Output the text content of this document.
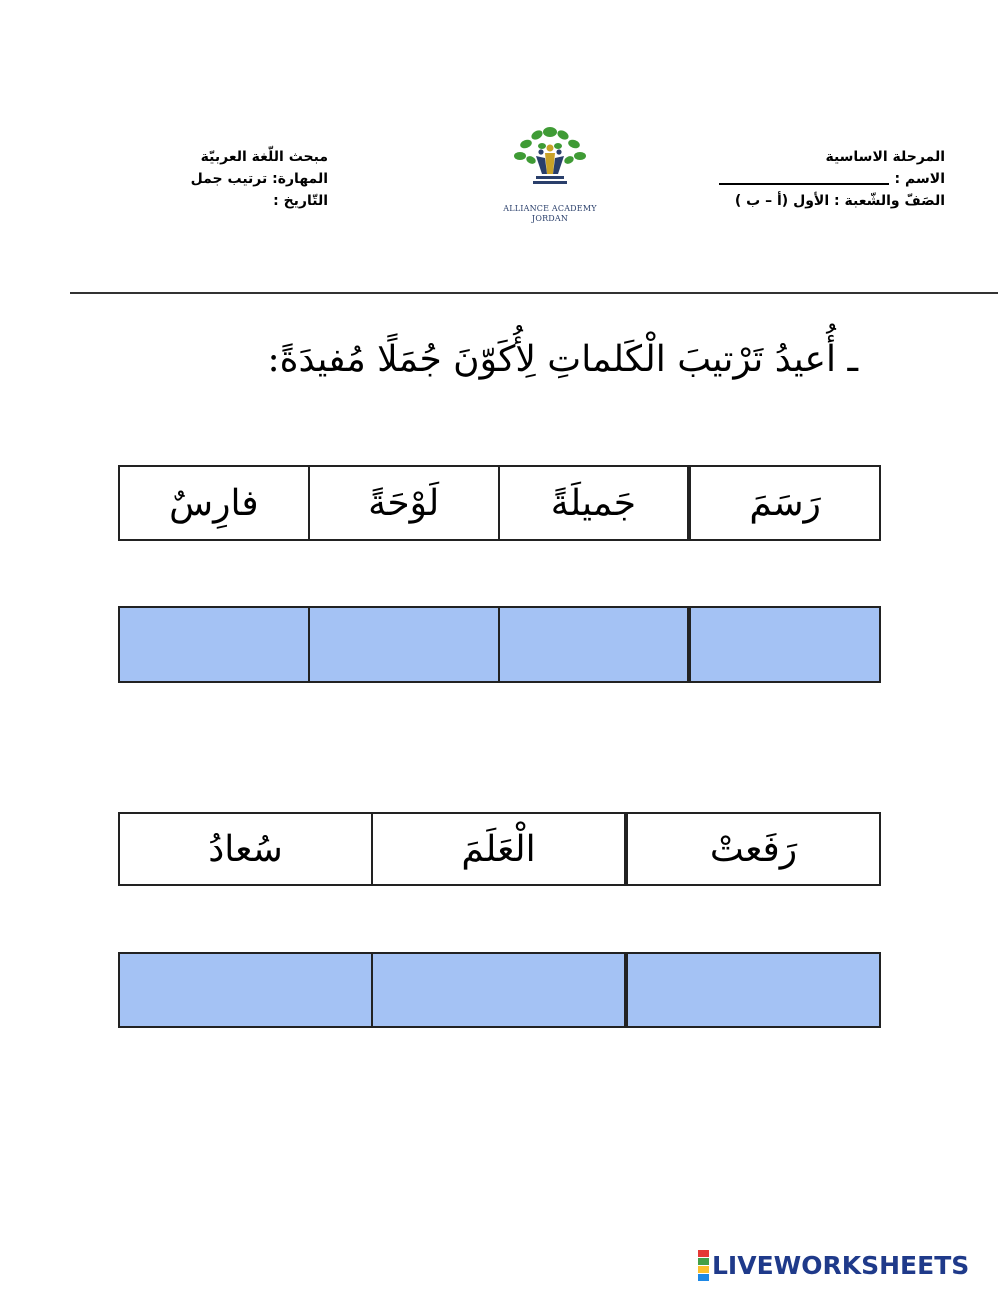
المرحلة الاساسية
الاسم :
الصَفّ والشّعبة : الأول (أ – ب )
ALLIANCE ACADEMY
JORDAN
مبحث اللّغة العربيّة
المهارة: ترتيب جمل
التّاريخ :
ـ أُعيدُ تَرْتيبَ الْكَلماتِ لِأُكَوّنَ جُمَلًا مُفيدَةً:
رَسَمَ
جَميلَةً
لَوْحَةً
فارِسٌ
رَفَعتْ
الْعَلَمَ
سُعادُ
LIVEWORKSHEETS
